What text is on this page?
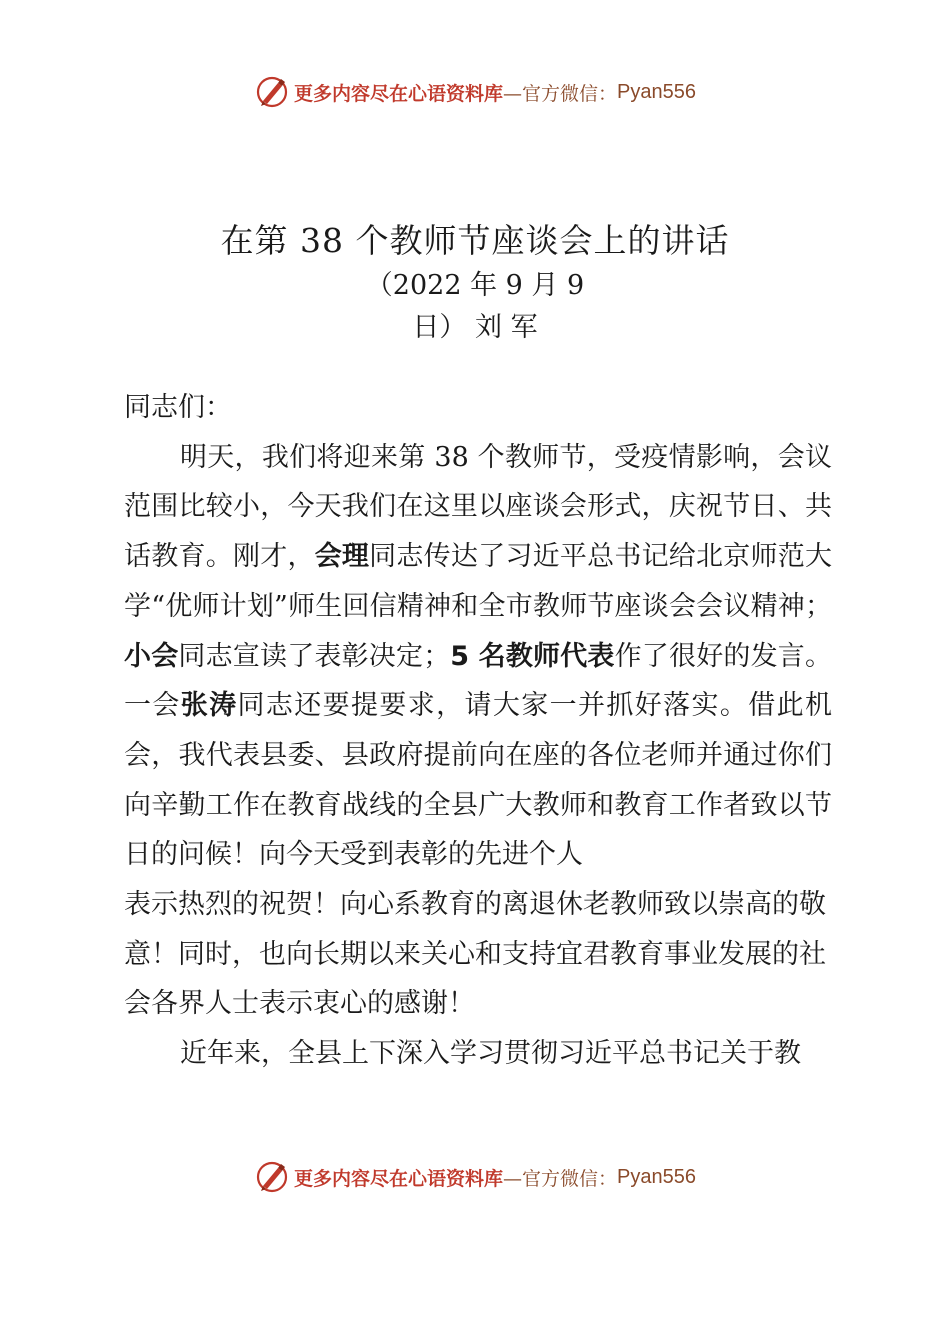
更多内容尽在心语资料库 —官方微信： Pyan556
在第 38 个教师节座谈会上的讲话
（2022 年 9 月 9
日） 刘 军

同志们：

明天，我们将迎来第 38 个教师节，受疫情影响，会议范围比较小，今天我们在这里以座谈会形式，庆祝节日、共话教育。刚才，会理同志传达了习近平总书记给北京师范大学“优师计划”师生回信精神和全市教师节座谈会会议精神；小会同志宣读了表彰决定；5 名教师代表作了很好的发言。一会张涛同志还要提要求，请大家一并抓好落实。借此机会，我代表县委、县政府提前向在座的各位老师并通过你们向辛勤工作在教育战线的全县广大教师和教育工作者致以节日的问候！向今天受到表彰的先进个人

表示热烈的祝贺！向心系教育的离退休老教师致以崇高的敬意！同时，也向长期以来关心和支持宜君教育事业发展的社会各界人士表示衷心的感谢！

近年来，全县上下深入学习贯彻习近平总书记关于教

更多内容尽在心语资料库 —官方微信： Pyan556
